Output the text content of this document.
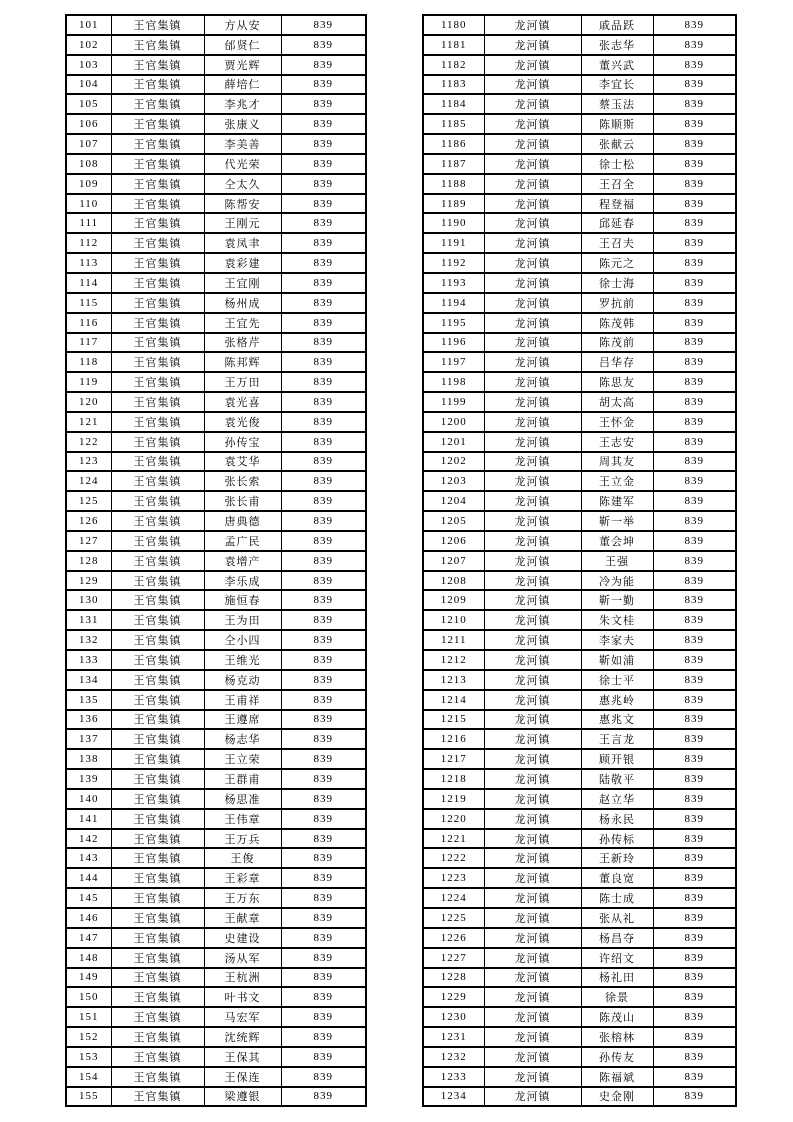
101	王官集镇	方从安	839
102	王官集镇	邰贤仁	839
103	王官集镇	贾光辉	839
104	王官集镇	薛培仁	839
105	王官集镇	李兆才	839
106	王官集镇	张康义	839
107	王官集镇	李美善	839
108	王官集镇	代光荣	839
109	王官集镇	仝太久	839
110	王官集镇	陈帮安	839
111	王官集镇	王刚元	839
112	王官集镇	袁凤聿	839
113	王官集镇	袁彩建	839
114	王官集镇	王宜刚	839
115	王官集镇	杨州成	839
116	王官集镇	王宜先	839
117	王官集镇	张格芹	839
118	王官集镇	陈邦辉	839
119	王官集镇	王万田	839
120	王官集镇	袁光喜	839
121	王官集镇	袁光俊	839
122	王官集镇	孙传宝	839
123	王官集镇	袁艾华	839
124	王官集镇	张长索	839
125	王官集镇	张长甫	839
126	王官集镇	唐典德	839
127	王官集镇	孟广民	839
128	王官集镇	袁增产	839
129	王官集镇	李乐成	839
130	王官集镇	施恒春	839
131	王官集镇	王为田	839
132	王官集镇	仝小四	839
133	王官集镇	王维光	839
134	王官集镇	杨克动	839
135	王官集镇	王甫祥	839
136	王官集镇	王遵席	839
137	王官集镇	杨志华	839
138	王官集镇	王立荣	839
139	王官集镇	王群甫	839
140	王官集镇	杨思准	839
141	王官集镇	王伟章	839
142	王官集镇	王万兵	839
143	王官集镇	王俊	839
144	王官集镇	王彩章	839
145	王官集镇	王万东	839
146	王官集镇	王献章	839
147	王官集镇	史建设	839
148	王官集镇	汤从军	839
149	王官集镇	王杭洲	839
150	王官集镇	叶书文	839
151	王官集镇	马宏军	839
152	王官集镇	沈统辉	839
153	王官集镇	王保其	839
154	王官集镇	王保连	839
155	王官集镇	梁遵银	839
1180	龙河镇	戚品跃	839
1181	龙河镇	张志华	839
1182	龙河镇	董兴武	839
1183	龙河镇	李宜长	839
1184	龙河镇	蔡玉法	839
1185	龙河镇	陈顺斯	839
1186	龙河镇	张献云	839
1187	龙河镇	徐士松	839
1188	龙河镇	王召全	839
1189	龙河镇	程登福	839
1190	龙河镇	邱延春	839
1191	龙河镇	王召夫	839
1192	龙河镇	陈元之	839
1193	龙河镇	徐士海	839
1194	龙河镇	罗抗前	839
1195	龙河镇	陈茂韩	839
1196	龙河镇	陈茂前	839
1197	龙河镇	吕华存	839
1198	龙河镇	陈思友	839
1199	龙河镇	胡太高	839
1200	龙河镇	王怀金	839
1201	龙河镇	王志安	839
1202	龙河镇	周其友	839
1203	龙河镇	王立金	839
1204	龙河镇	陈建军	839
1205	龙河镇	靳一举	839
1206	龙河镇	董会坤	839
1207	龙河镇	王强	839
1208	龙河镇	冷为能	839
1209	龙河镇	靳一勤	839
1210	龙河镇	朱文桂	839
1211	龙河镇	李家夫	839
1212	龙河镇	靳如浦	839
1213	龙河镇	徐士平	839
1214	龙河镇	惠兆岭	839
1215	龙河镇	惠兆文	839
1216	龙河镇	王言龙	839
1217	龙河镇	顾开银	839
1218	龙河镇	陆敬平	839
1219	龙河镇	赵立华	839
1220	龙河镇	杨永民	839
1221	龙河镇	孙传标	839
1222	龙河镇	王新玲	839
1223	龙河镇	董良宽	839
1224	龙河镇	陈士成	839
1225	龙河镇	张从礼	839
1226	龙河镇	杨昌夺	839
1227	龙河镇	许绍文	839
1228	龙河镇	杨礼田	839
1229	龙河镇	徐景	839
1230	龙河镇	陈茂山	839
1231	龙河镇	张榕林	839
1232	龙河镇	孙传友	839
1233	龙河镇	陈福斌	839
1234	龙河镇	史金刚	839
